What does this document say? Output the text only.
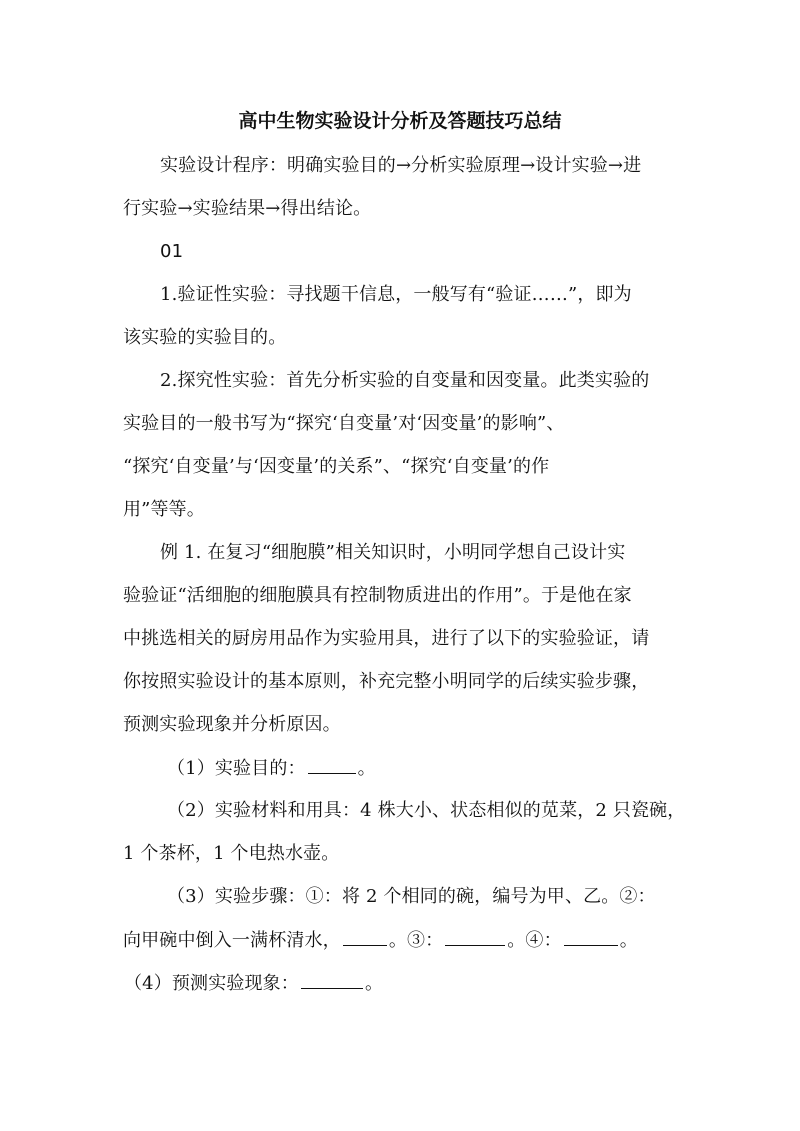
高中生物实验设计分析及答题技巧总结
实验设计程序：明确实验目的→分析实验原理→设计实验→进
行实验→实验结果→得出结论。
01
1.验证性实验：寻找题干信息，一般写有“验证……”，即为
该实验的实验目的。
2.探究性实验：首先分析实验的自变量和因变量。此类实验的
实验目的一般书写为“探究‘自变量’对‘因变量’的影响”、
“探究‘自变量’与‘因变量’的关系”、“探究‘自变量’的作
用”等等。
例 1. 在复习“细胞膜”相关知识时，小明同学想自己设计实
验验证“活细胞的细胞膜具有控制物质进出的作用”。于是他在家
中挑选相关的厨房用品作为实验用具，进行了以下的实验验证，请
你按照实验设计的基本原则，补充完整小明同学的后续实验步骤，
预测实验现象并分析原因。
（1）实验目的：	。
（2）实验材料和用具：4 株大小、状态相似的苋菜，2 只瓷碗，
1 个茶杯，1 个电热水壶。
（3）实验步骤：①：将 2 个相同的碗，编号为甲、乙。②：
向甲碗中倒入一满杯清水，	。③：	。④：	。
（4）预测实验现象：	。
